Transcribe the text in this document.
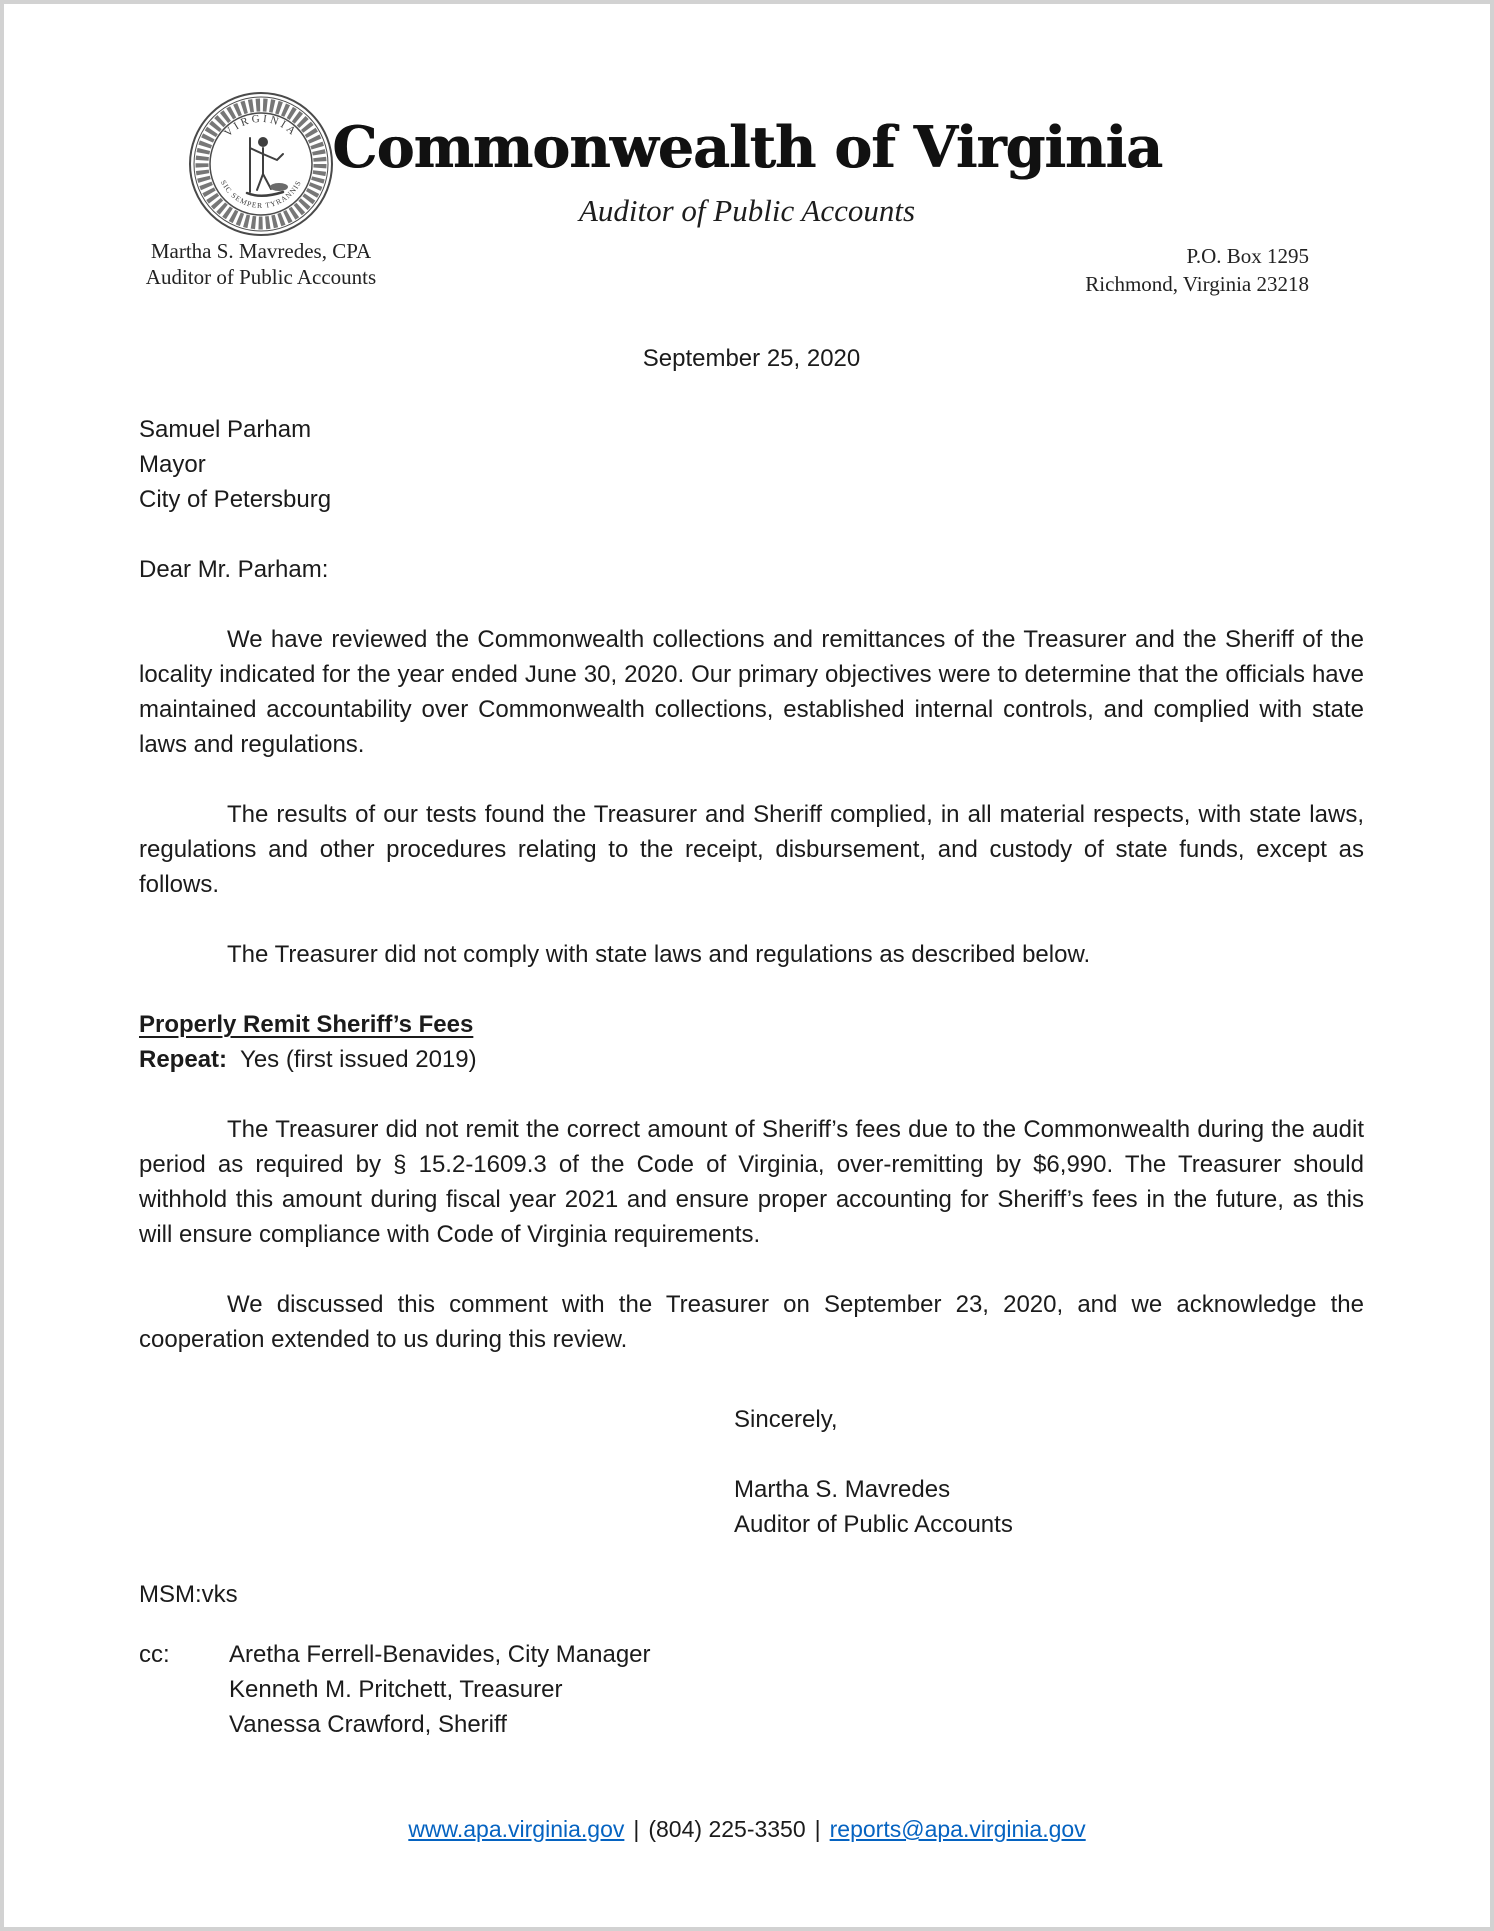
VIRGINIA
SIC SEMPER TYRANNIS
Martha S. Mavredes, CPA
Auditor of Public Accounts
Commonwealth of Virginia
Auditor of Public Accounts
P.O. Box 1295
Richmond, Virginia 23218
September 25, 2020
Samuel Parham
Mayor
City of Petersburg

Dear Mr. Parham:

We have reviewed the Commonwealth collections and remittances of the Treasurer and the Sheriff of the locality indicated for the year ended June 30, 2020. Our primary objectives were to determine that the officials have maintained accountability over Commonwealth collections, established internal controls, and complied with state laws and regulations.

The results of our tests found the Treasurer and Sheriff complied, in all material respects, with state laws, regulations and other procedures relating to the receipt, disbursement, and custody of state funds, except as follows.

The Treasurer did not comply with state laws and regulations as described below.

Properly Remit Sheriff’s Fees
Repeat: Yes (first issued 2019)

The Treasurer did not remit the correct amount of Sheriff’s fees due to the Commonwealth during the audit period as required by § 15.2-1609.3 of the Code of Virginia, over-remitting by $6,990. The Treasurer should withhold this amount during fiscal year 2021 and ensure proper accounting for Sheriff’s fees in the future, as this will ensure compliance with Code of Virginia requirements.

We discussed this comment with the Treasurer on September 23, 2020, and we acknowledge the cooperation extended to us during this review.

Sincerely,
Martha S. Mavredes
Auditor of Public Accounts
MSM:vks
cc:	Aretha Ferrell-Benavides, City Manager
Kenneth M. Pritchett, Treasurer
Vanessa Crawford, Sheriff
www.apa.virginia.gov | (804) 225-3350 | reports@apa.virginia.gov
